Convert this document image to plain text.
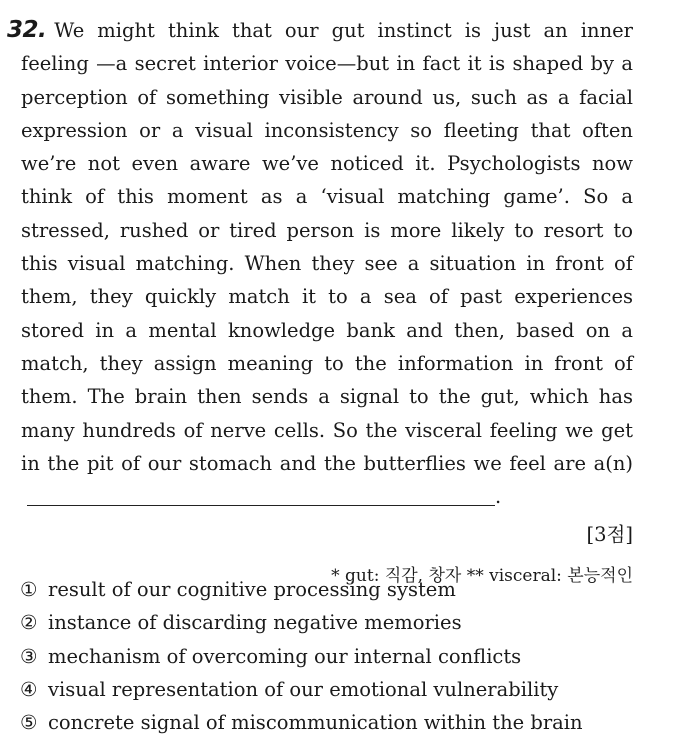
32. We might think that our gut instinct is just an inner feeling —a secret interior voice—but in fact it is shaped by a perception of something visible around us, such as a facial expression or a visual inconsistency so fleeting that often we’re not even aware we’ve noticed it. Psychologists now think of this moment as a ‘visual matching game’. So a stressed, rushed or tired person is more likely to resort to this visual matching. When they see a situation in front of them, they quickly match it to a sea of past experiences stored in a mental knowledge bank and then, based on a match, they assign meaning to the information in front of them. The brain then sends a signal to the gut, which has many hundreds of nerve cells. So the visceral feeling we get in the pit of our stomach and the butterflies we feel are a(n) .

[3점]
* gut: 직감, 창자 ** visceral: 본능적인
① result of our cognitive processing system
② instance of discarding negative memories
③ mechanism of overcoming our internal conflicts
④ visual representation of our emotional vulnerability
⑤ concrete signal of miscommunication within the brain
